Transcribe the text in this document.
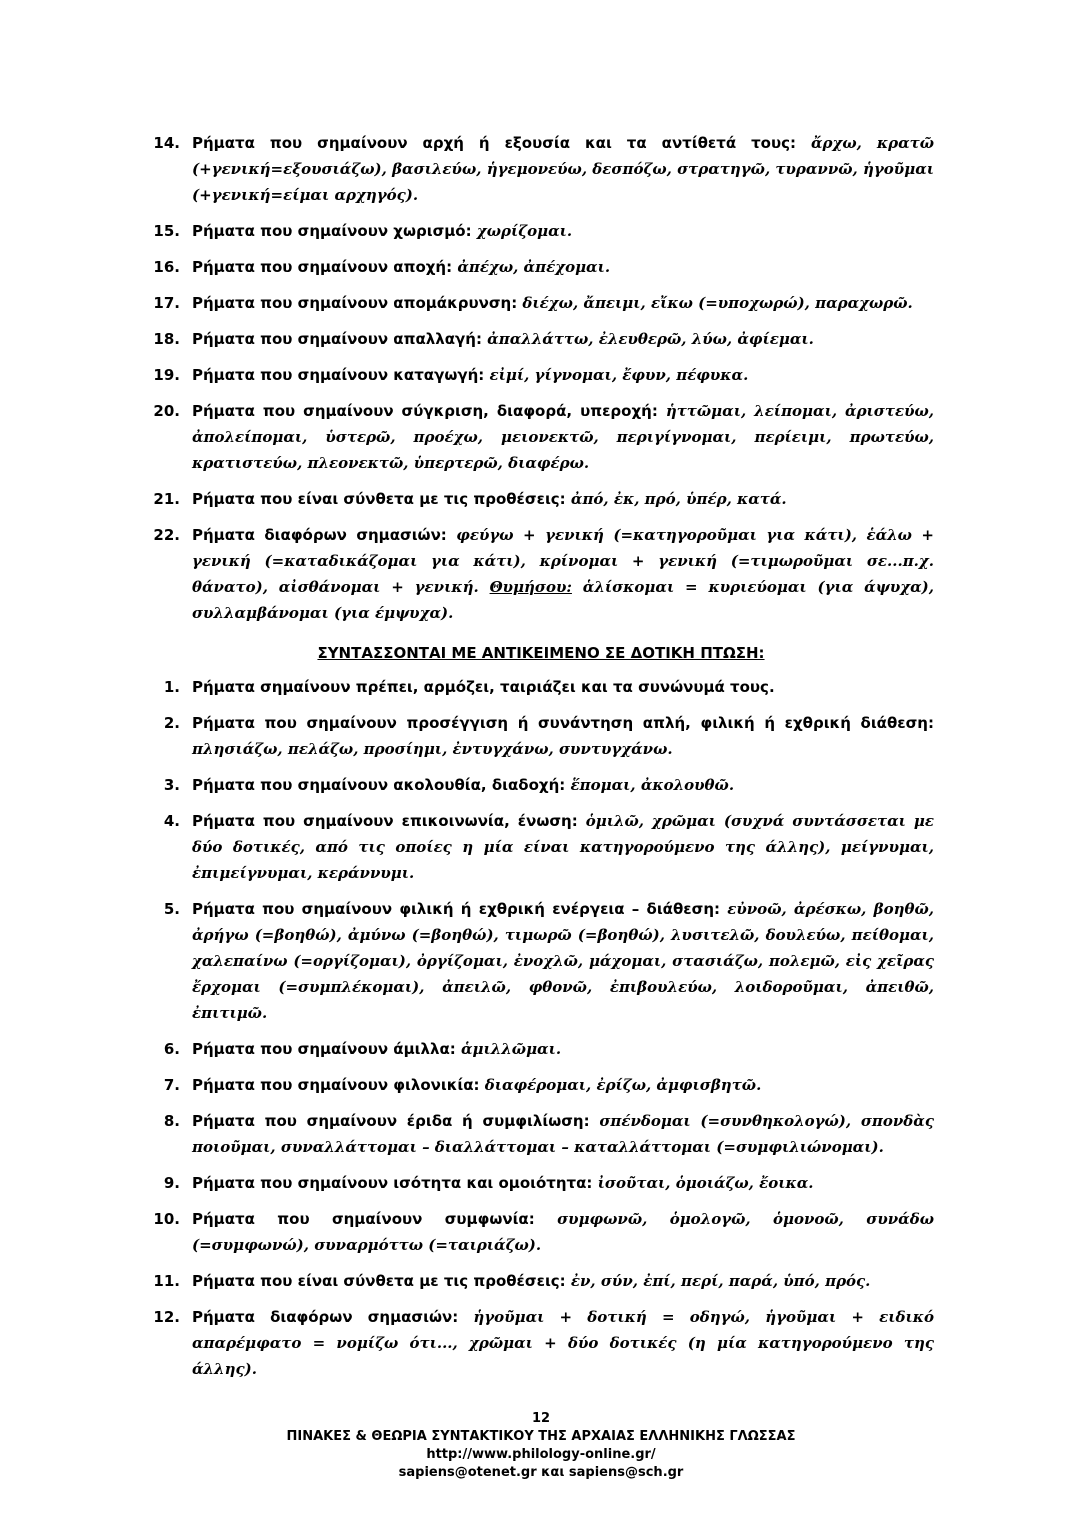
14. Ρήματα που σημαίνουν αρχή ή εξουσία και τα αντίθετά τους: ἄρχω, κρατῶ (+γενική=εξουσιάζω), βασιλεύω, ἡγεμονεύω, δεσπόζω, στρατηγῶ, τυραννῶ, ἡγοῦμαι (+γενική=είμαι αρχηγός).
15. Ρήματα που σημαίνουν χωρισμό: χωρίζομαι.
16. Ρήματα που σημαίνουν αποχή: ἀπέχω, ἀπέχομαι.
17. Ρήματα που σημαίνουν απομάκρυνση: διέχω, ἄπειμι, εἴκω (=υποχωρώ), παραχωρῶ.
18. Ρήματα που σημαίνουν απαλλαγή: ἀπαλλάττω, ἐλευθερῶ, λύω, ἀφίεμαι.
19. Ρήματα που σημαίνουν καταγωγή: εἰμί, γίγνομαι, ἔφυν, πέφυκα.
20. Ρήματα που σημαίνουν σύγκριση, διαφορά, υπεροχή: ἡττῶμαι, λείπομαι, ἀριστεύω, ἀπολείπομαι, ὑστερῶ, προέχω, μειονεκτῶ, περιγίγνομαι, περίειμι, πρωτεύω, κρατιστεύω, πλεονεκτῶ, ὑπερτερῶ, διαφέρω.
21. Ρήματα που είναι σύνθετα με τις προθέσεις: ἀπό, ἐκ, πρό, ὑπέρ, κατά.
22. Ρήματα διαφόρων σημασιών: φεύγω + γενική (=κατηγοροῦμαι για κάτι), ἑάλω + γενική (=καταδικάζομαι για κάτι), κρίνομαι + γενική (=τιμωροῦμαι σε...π.χ. θάνατο), αἰσθάνομαι + γενική. Θυμήσου: ἁλίσκομαι = κυριεύομαι (για άψυχα), συλλαμβάνομαι (για έμψυχα).
ΣΥΝΤΑΣΣΟΝΤΑΙ ΜΕ ΑΝΤΙΚΕΙΜΕΝΟ ΣΕ ΔΟΤΙΚΗ ΠΤΩΣΗ:
1. Ρήματα σημαίνουν πρέπει, αρμόζει, ταιριάζει και τα συνώνυμά τους.
2. Ρήματα που σημαίνουν προσέγγιση ή συνάντηση απλή, φιλική ή εχθρική διάθεση: πλησιάζω, πελάζω, προσίημι, ἐντυγχάνω, συντυγχάνω.
3. Ρήματα που σημαίνουν ακολουθία, διαδοχή: ἕπομαι, ἀκολουθῶ.
4. Ρήματα που σημαίνουν επικοινωνία, ένωση: ὁμιλῶ, χρῶμαι (συχνά συντάσσεται με δύο δοτικές, από τις οποίες η μία είναι κατηγορούμενο της άλλης), μείγνυμαι, ἐπιμείγνυμαι, κεράννυμι.
5. Ρήματα που σημαίνουν φιλική ή εχθρική ενέργεια – διάθεση: εὐνοῶ, ἀρέσκω, βοηθῶ, ἀρήγω (=βοηθώ), ἀμύνω (=βοηθώ), τιμωρῶ (=βοηθώ), λυσιτελῶ, δουλεύω, πείθομαι, χαλεπαίνω (=οργίζομαι), ὀργίζομαι, ἐνοχλῶ, μάχομαι, στασιάζω, πολεμῶ, εἰς χεῖρας ἔρχομαι (=συμπλέκομαι), ἀπειλῶ, φθονῶ, ἐπιβουλεύω, λοιδοροῦμαι, ἀπειθῶ, ἐπιτιμῶ.
6. Ρήματα που σημαίνουν άμιλλα: ἁμιλλῶμαι.
7. Ρήματα που σημαίνουν φιλονικία: διαφέρομαι, ἐρίζω, ἀμφισβητῶ.
8. Ρήματα που σημαίνουν έριδα ή συμφιλίωση: σπένδομαι (=συνθηκολογώ), σπονδὰς ποιοῦμαι, συναλλάττομαι – διαλλάττομαι – καταλλάττομαι (=συμφιλιώνομαι).
9. Ρήματα που σημαίνουν ισότητα και ομοιότητα: ἰσοῦται, ὁμοιάζω, ἔοικα.
10. Ρήματα που σημαίνουν συμφωνία: συμφωνῶ, ὁμολογῶ, ὁμονοῶ, συνάδω (=συμφωνώ), συναρμόττω (=ταιριάζω).
11. Ρήματα που είναι σύνθετα με τις προθέσεις: ἐν, σύν, ἐπί, περί, παρά, ὑπό, πρός.
12. Ρήματα διαφόρων σημασιών: ἡγοῦμαι + δοτική = οδηγώ, ἡγοῦμαι + ειδικό απαρέμφατο = νομίζω ότι..., χρῶμαι + δύο δοτικές (η μία κατηγορούμενο της άλλης).
12
ΠΙΝΑΚΕΣ & ΘΕΩΡΙΑ ΣΥΝΤΑΚΤΙΚΟΥ ΤΗΣ ΑΡΧΑΙΑΣ ΕΛΛΗΝΙΚΗΣ ΓΛΩΣΣΑΣ
http://www.philology-online.gr/
sapiens@otenet.gr και sapiens@sch.gr
